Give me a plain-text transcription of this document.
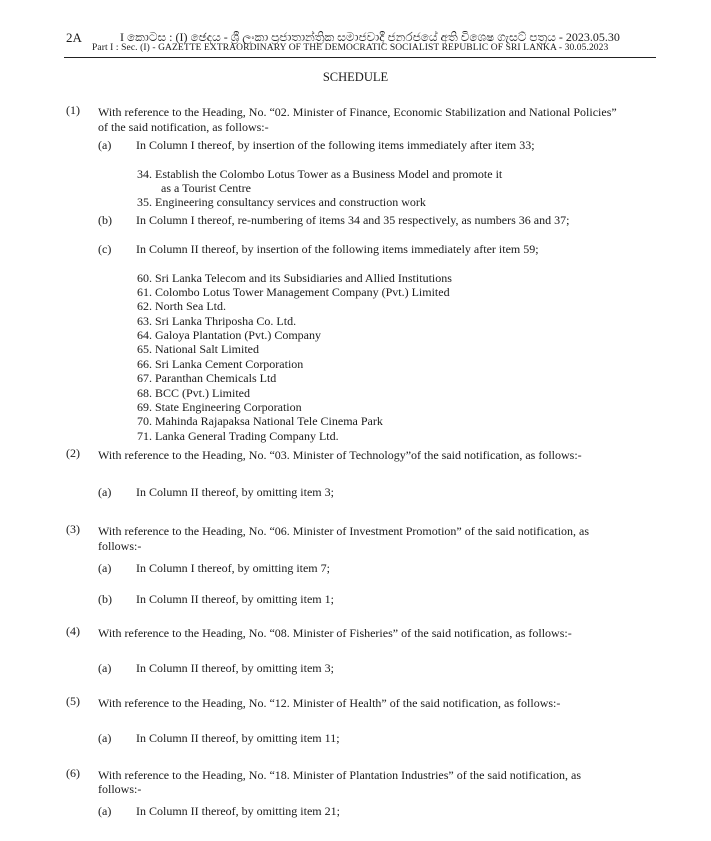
2A	I කොටස : (I) ඡෙදය - ශ්‍රී ලංකා ප්‍රජාතාන්ත්‍රික සමාජවාදී ජනරජයේ අති විශෙෂ ගැසට් පත්‍රය - 2023.05.30
Part I : Sec. (I) - GAZETTE EXTRAORDINARY OF THE DEMOCRATIC SOCIALIST REPUBLIC OF SRI LANKA - 30.05.2023
SCHEDULE
(1) With reference to the Heading, No. “02. Minister of Finance, Economic Stabilization and National Policies”
of the said notification, as follows:-
(a) In Column I thereof, by insertion of the following items immediately after item 33;
34. Establish the Colombo Lotus Tower as a Business Model and promote it
as a Tourist Centre
35. Engineering consultancy services and construction work
(b) In Column I thereof, re-numbering of items 34 and 35 respectively, as numbers 36 and 37;
(c) In Column II thereof, by insertion of the following items immediately after item 59;
60. Sri Lanka Telecom and its Subsidiaries and Allied Institutions
61. Colombo Lotus Tower Management Company (Pvt.) Limited
62. North Sea Ltd.
63. Sri Lanka Thriposha Co. Ltd.
64. Galoya Plantation (Pvt.) Company
65. National Salt Limited
66. Sri Lanka Cement Corporation
67. Paranthan Chemicals Ltd
68. BCC (Pvt.) Limited
69. State Engineering Corporation
70. Mahinda Rajapaksa National Tele Cinema Park
71. Lanka General Trading Company Ltd.
(2) With reference to the Heading, No. “03. Minister of Technology”of the said notification, as follows:-
(a) In Column II thereof, by omitting item 3;
(3) With reference to the Heading, No. “06. Minister of Investment Promotion” of the said notification, as
follows:-
(a) In Column I thereof, by omitting item 7;
(b) In Column II thereof, by omitting item 1;
(4) With reference to the Heading, No. “08. Minister of Fisheries” of the said notification, as follows:-
(a) In Column II thereof, by omitting item 3;
(5) With reference to the Heading, No. “12. Minister of Health” of the said notification, as follows:-
(a) In Column II thereof, by omitting item 11;
(6) With reference to the Heading, No. “18. Minister of Plantation Industries” of the said notification, as
follows:-
(a) In Column II thereof, by omitting item 21;
